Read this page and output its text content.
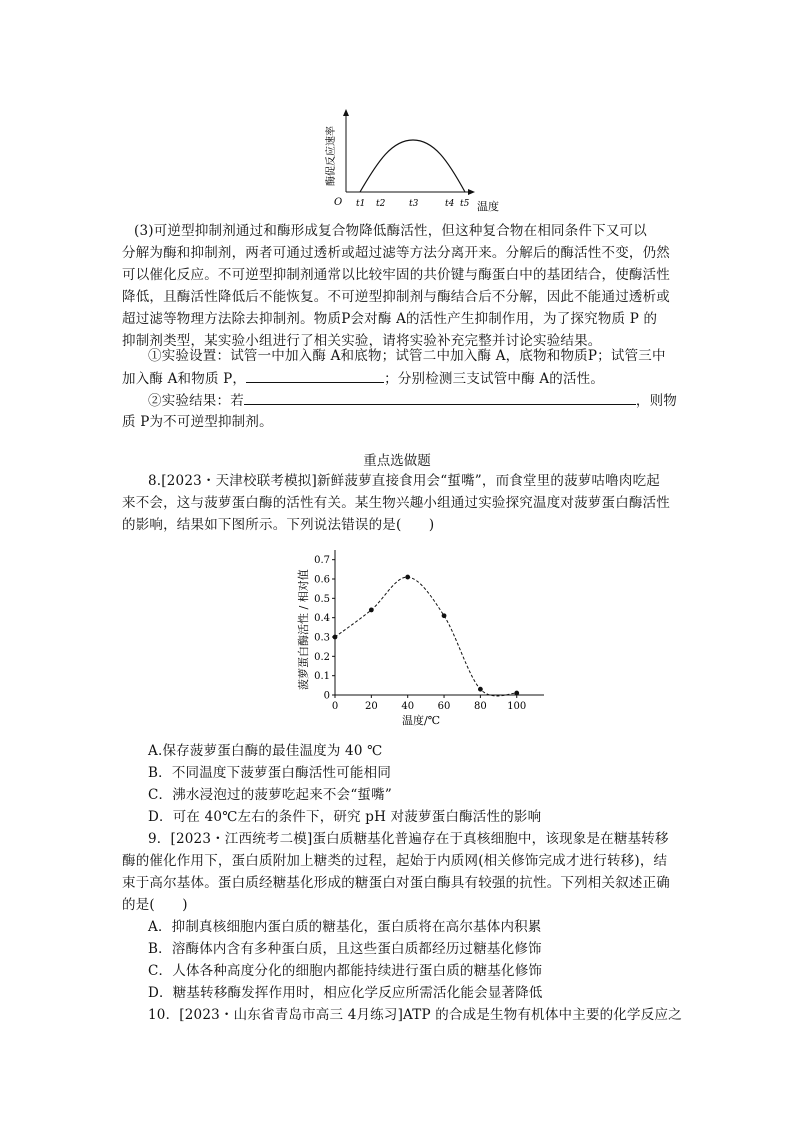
O t1 t2	t3	t4 t5 温度
酶促反应速率
(3)可逆型抑制剂通过和酶形成复合物降低酶活性，但这种复合物在相同条件下又可以
分解为酶和抑制剂，两者可通过透析或超过滤等方法分离开来。分解后的酶活性不变，仍然
可以催化反应。不可逆型抑制剂通常以比较牢固的共价键与酶蛋白中的基团结合，使酶活性
降低，且酶活性降低后不能恢复。不可逆型抑制剂与酶结合后不分解，因此不能通过透析或
超过滤等物理方法除去抑制剂。物质P会对酶 A的活性产生抑制作用，为了探究物质 P 的
抑制剂类型，某实验小组进行了相关实验，请将实验补充完整并讨论实验结果。
①实验设置：试管一中加入酶 A和底物；试管二中加入酶 A，底物和物质P；试管三中
加入酶 A和物质 P，	；分别检测三支试管中酶 A的活性。
②实验结果：若	，则物
质 P为不可逆型抑制剂。
重点选做题
8.[2023・天津校联考模拟]新鲜菠萝直接食用会“蜇嘴”，而食堂里的菠萝咕噜肉吃起
来不会，这与菠萝蛋白酶的活性有关。某生物兴趣小组通过实验探究温度对菠萝蛋白酶活性
的影响，结果如下图所示。下列说法错误的是(　　)
菠萝蛋白酶活性 / 相对值
温度/℃
0	20 40 60 80 100
0
0.1
0.2
0.3
0.4
0.5
0.6
0.7
A.保存菠萝蛋白酶的最佳温度为 40 ℃
B．不同温度下菠萝蛋白酶活性可能相同
C．沸水浸泡过的菠萝吃起来不会“蜇嘴”
D．可在 40℃左右的条件下，研究 pH 对菠萝蛋白酶活性的影响
9．[2023・江西统考二模]蛋白质糖基化普遍存在于真核细胞中，该现象是在糖基转移
酶的催化作用下，蛋白质附加上糖类的过程，起始于内质网(相关修饰完成才进行转移)，结
束于高尔基体。蛋白质经糖基化形成的糖蛋白对蛋白酶具有较强的抗性。下列相关叙述正确
的是(　　)
A．抑制真核细胞内蛋白质的糖基化，蛋白质将在高尔基体内积累
B．溶酶体内含有多种蛋白质，且这些蛋白质都经历过糖基化修饰
C．人体各种高度分化的细胞内都能持续进行蛋白质的糖基化修饰
D．糖基转移酶发挥作用时，相应化学反应所需活化能会显著降低
10．[2023・山东省青岛市高三 4月练习]ATP 的合成是生物有机体中主要的化学反应之
